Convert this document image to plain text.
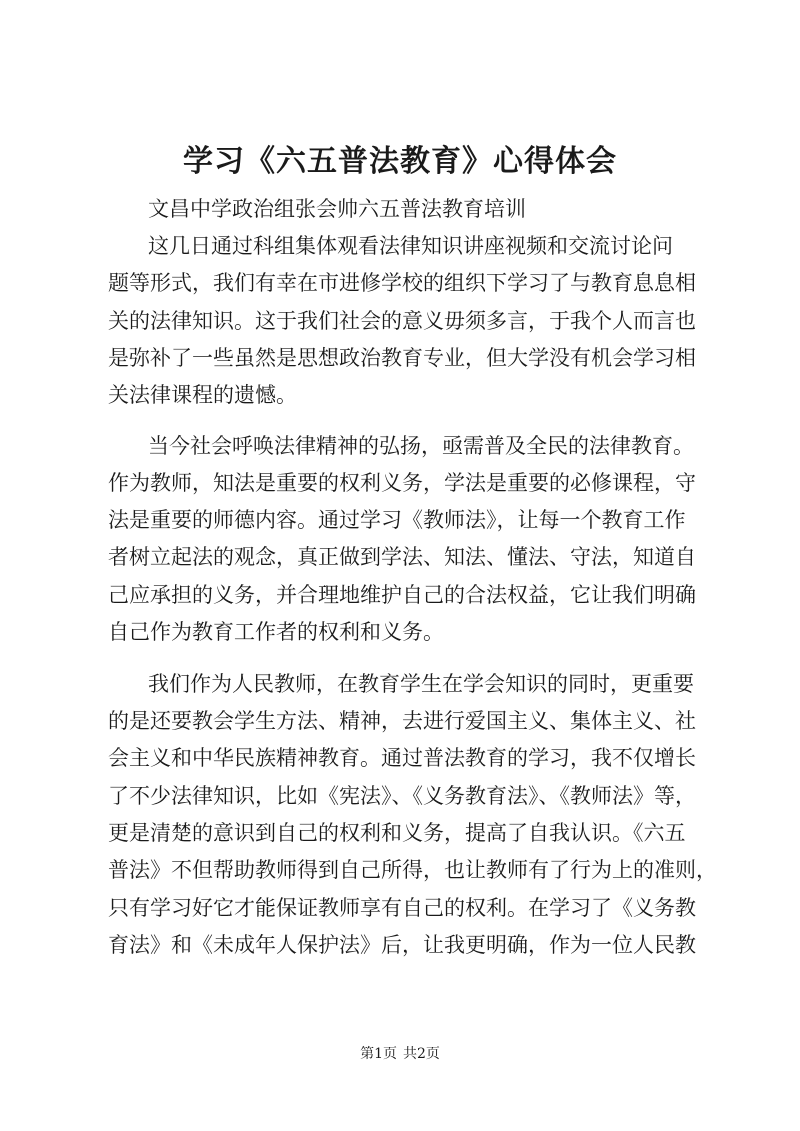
学习《六五普法教育》心得体会
文昌中学政治组张会帅六五普法教育培训
这几日通过科组集体观看法律知识讲座视频和交流讨论问
题等形式，我们有幸在市进修学校的组织下学习了与教育息息相
关的法律知识。这于我们社会的意义毋须多言，于我个人而言也
是弥补了一些虽然是思想政治教育专业，但大学没有机会学习相
关法律课程的遗憾。
当今社会呼唤法律精神的弘扬，亟需普及全民的法律教育。
作为教师，知法是重要的权利义务，学法是重要的必修课程，守
法是重要的师德内容。通过学习《教师法》，让每一个教育工作
者树立起法的观念，真正做到学法、知法、懂法、守法，知道自
己应承担的义务，并合理地维护自己的合法权益，它让我们明确
自己作为教育工作者的权利和义务。
我们作为人民教师，在教育学生在学会知识的同时，更重要
的是还要教会学生方法、精神，去进行爱国主义、集体主义、社
会主义和中华民族精神教育。通过普法教育的学习，我不仅增长
了不少法律知识，比如《宪法》、《义务教育法》、《教师法》等，
更是清楚的意识到自己的权利和义务，提高了自我认识。《六五
普法》不但帮助教师得到自己所得，也让教师有了行为上的准则，
只有学习好它才能保证教师享有自己的权利。在学习了《义务教
育法》和《未成年人保护法》后，让我更明确，作为一位人民教
第1页 共2页
